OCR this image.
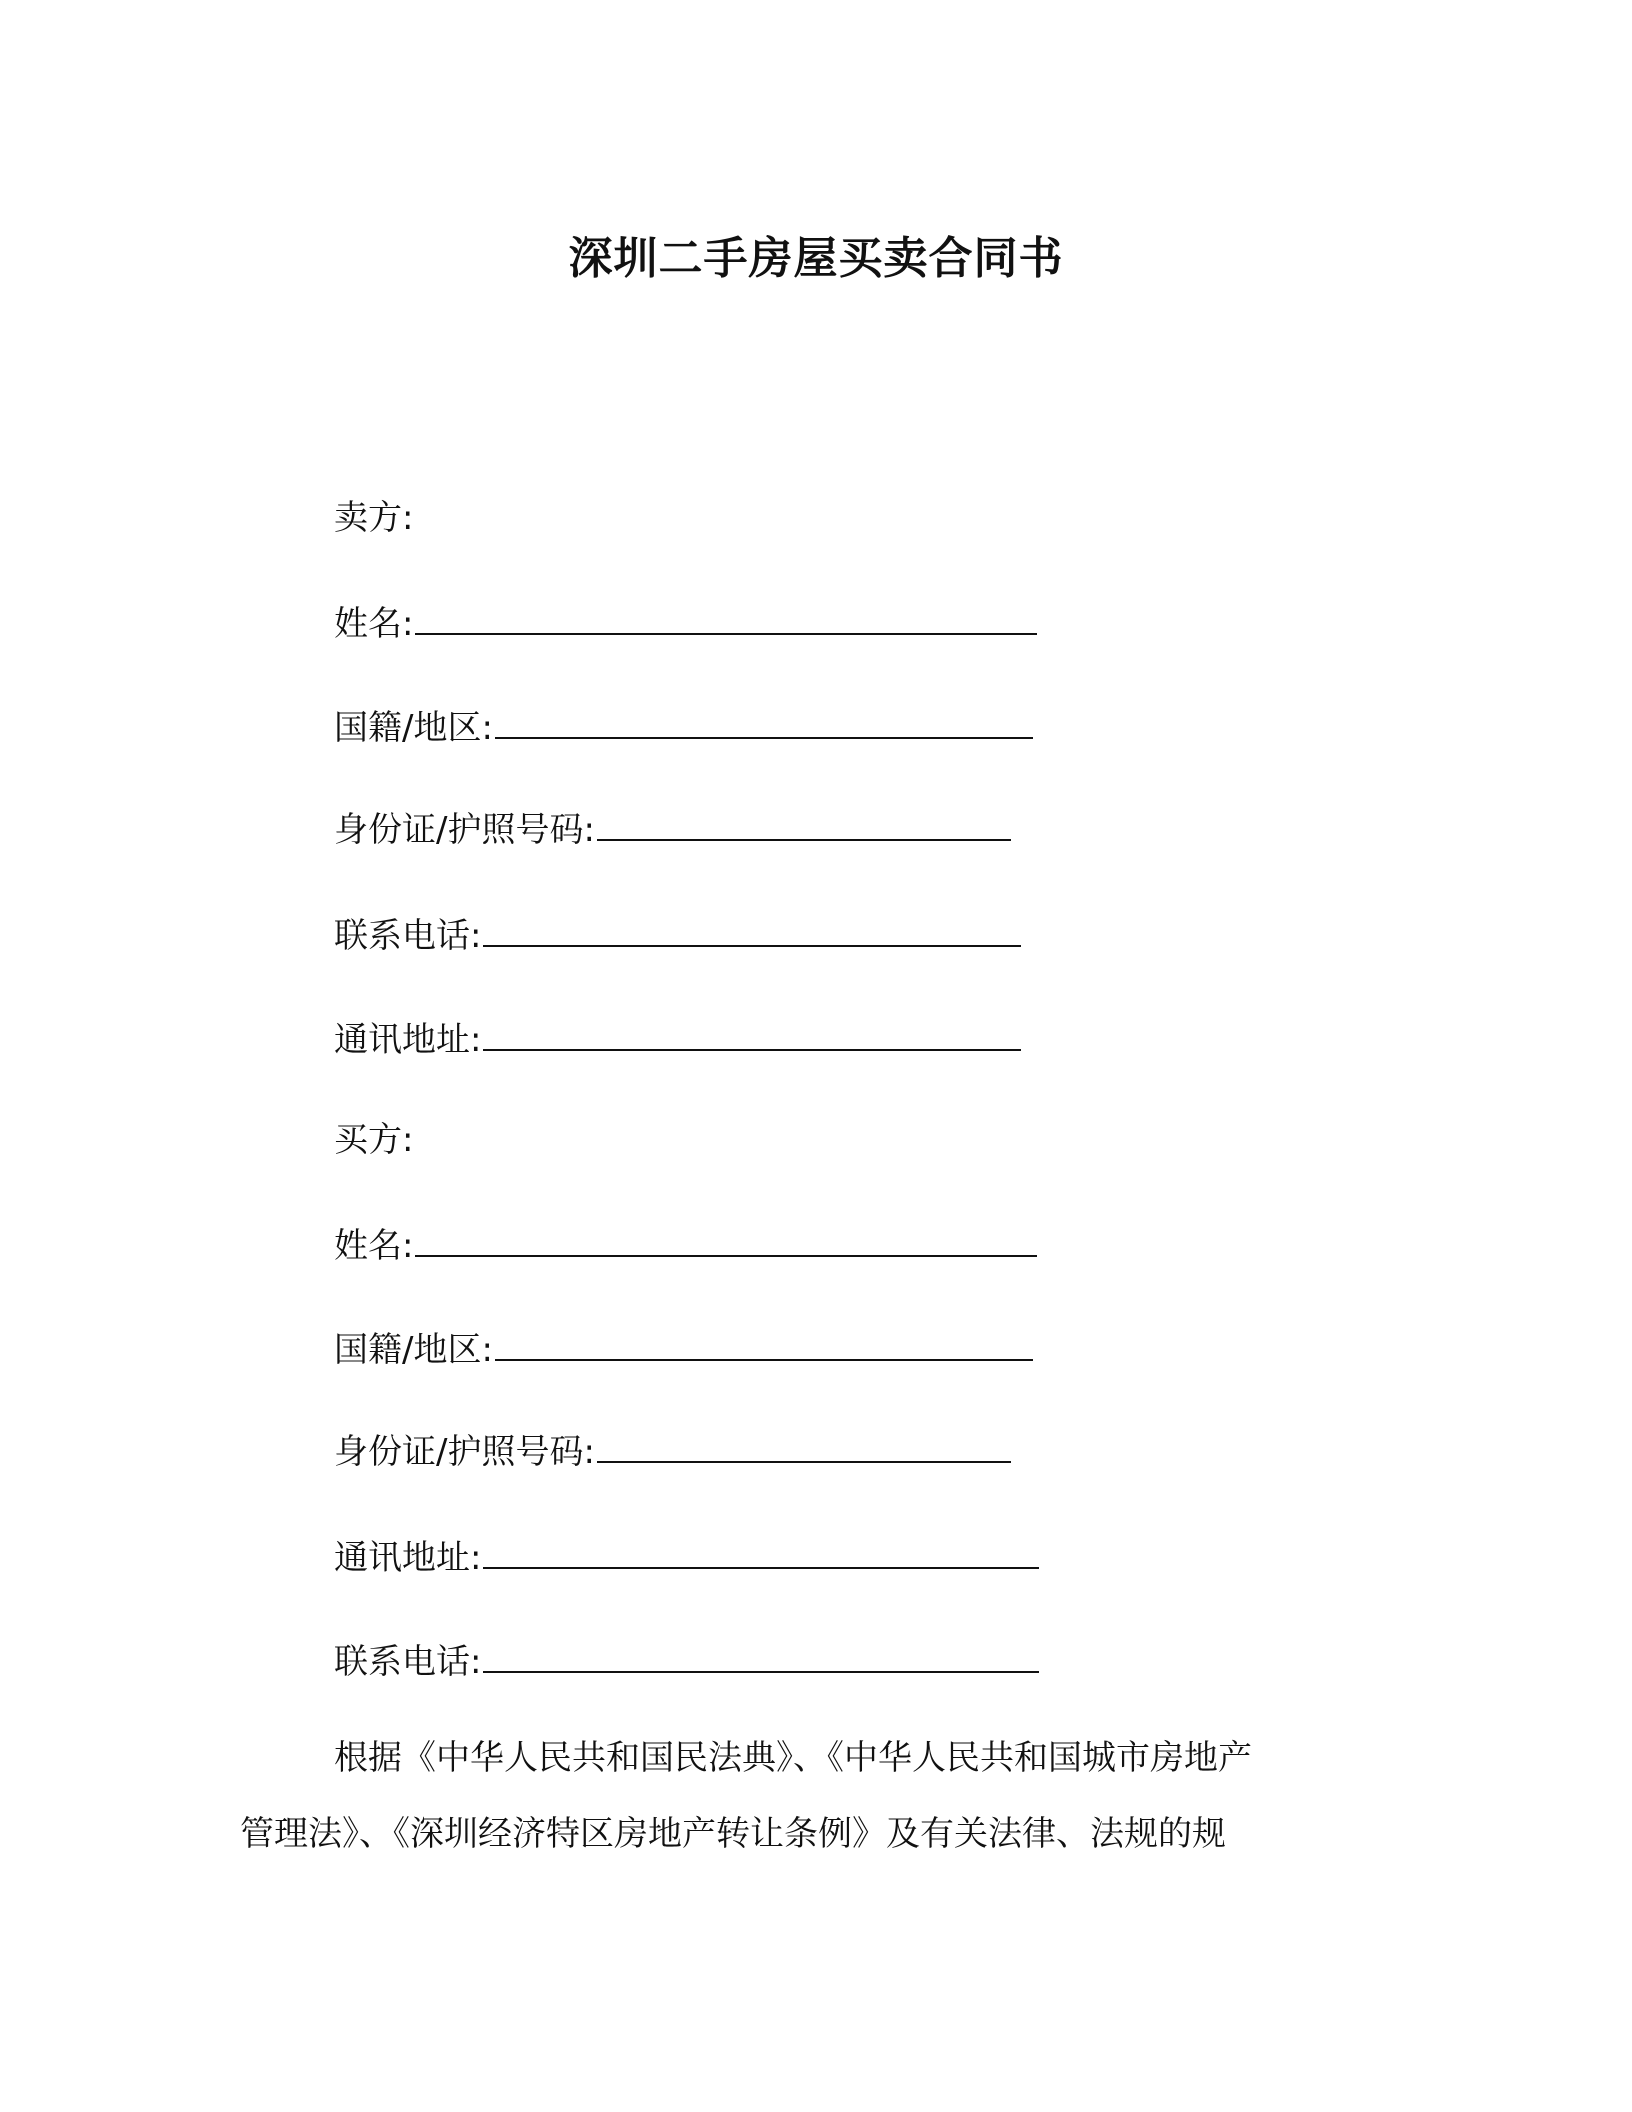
深圳二手房屋买卖合同书
卖方:
姓名:
国籍/地区:
身份证/护照号码:
联系电话:
通讯地址:
买方:
姓名:
国籍/地区:
身份证/护照号码:
通讯地址:
联系电话:
根据《中华人民共和国民法典》、《中华人民共和国城市房地产
管理法》、《深圳经济特区房地产转让条例》及有关法律、法规的规
